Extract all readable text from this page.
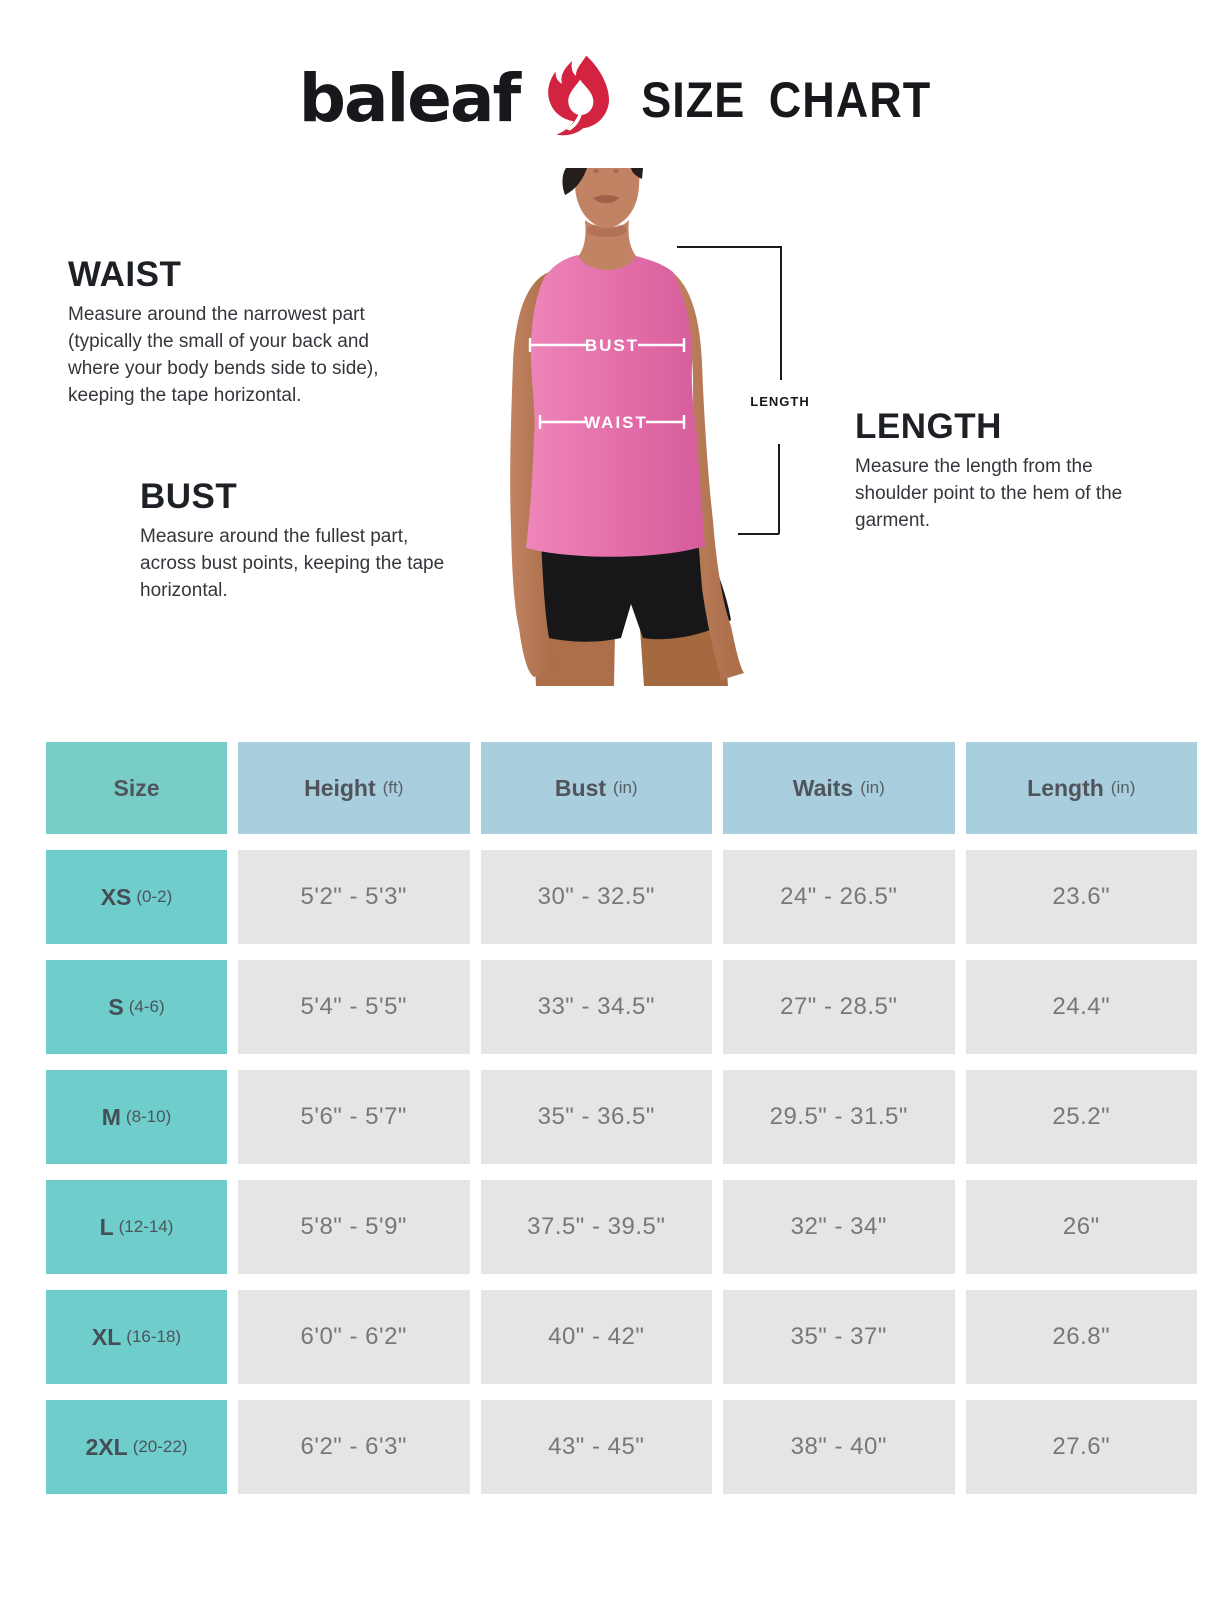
baleaf	SIZE CHART
WAIST

Measure around the narrowest part (typically the small of your back and where your body bends side to side), keeping the tape horizontal.

BUST

Measure around the fullest part, across bust points, keeping the tape horizontal.

LENGTH

Measure the length from the shoulder point to the hem of the garment.

BUST
WAIST
LENGTH
Size	Height (ft)	Bust (in)	Waits (in)	Length (in)
XS (0-2)	5'2" - 5'3"	30" - 32.5"	24" - 26.5"	23.6"
S (4-6)	5'4" - 5'5"	33" - 34.5"	27" - 28.5"	24.4"
M (8-10)	5'6" - 5'7"	35" - 36.5"	29.5" - 31.5"	25.2"
L (12-14)	5'8" - 5'9"	37.5" - 39.5"	32" - 34"	26"
XL (16-18)	6'0" - 6'2"	40" - 42"	35" - 37"	26.8"
2XL (20-22)	6'2" - 6'3"	43" - 45"	38" - 40"	27.6"
